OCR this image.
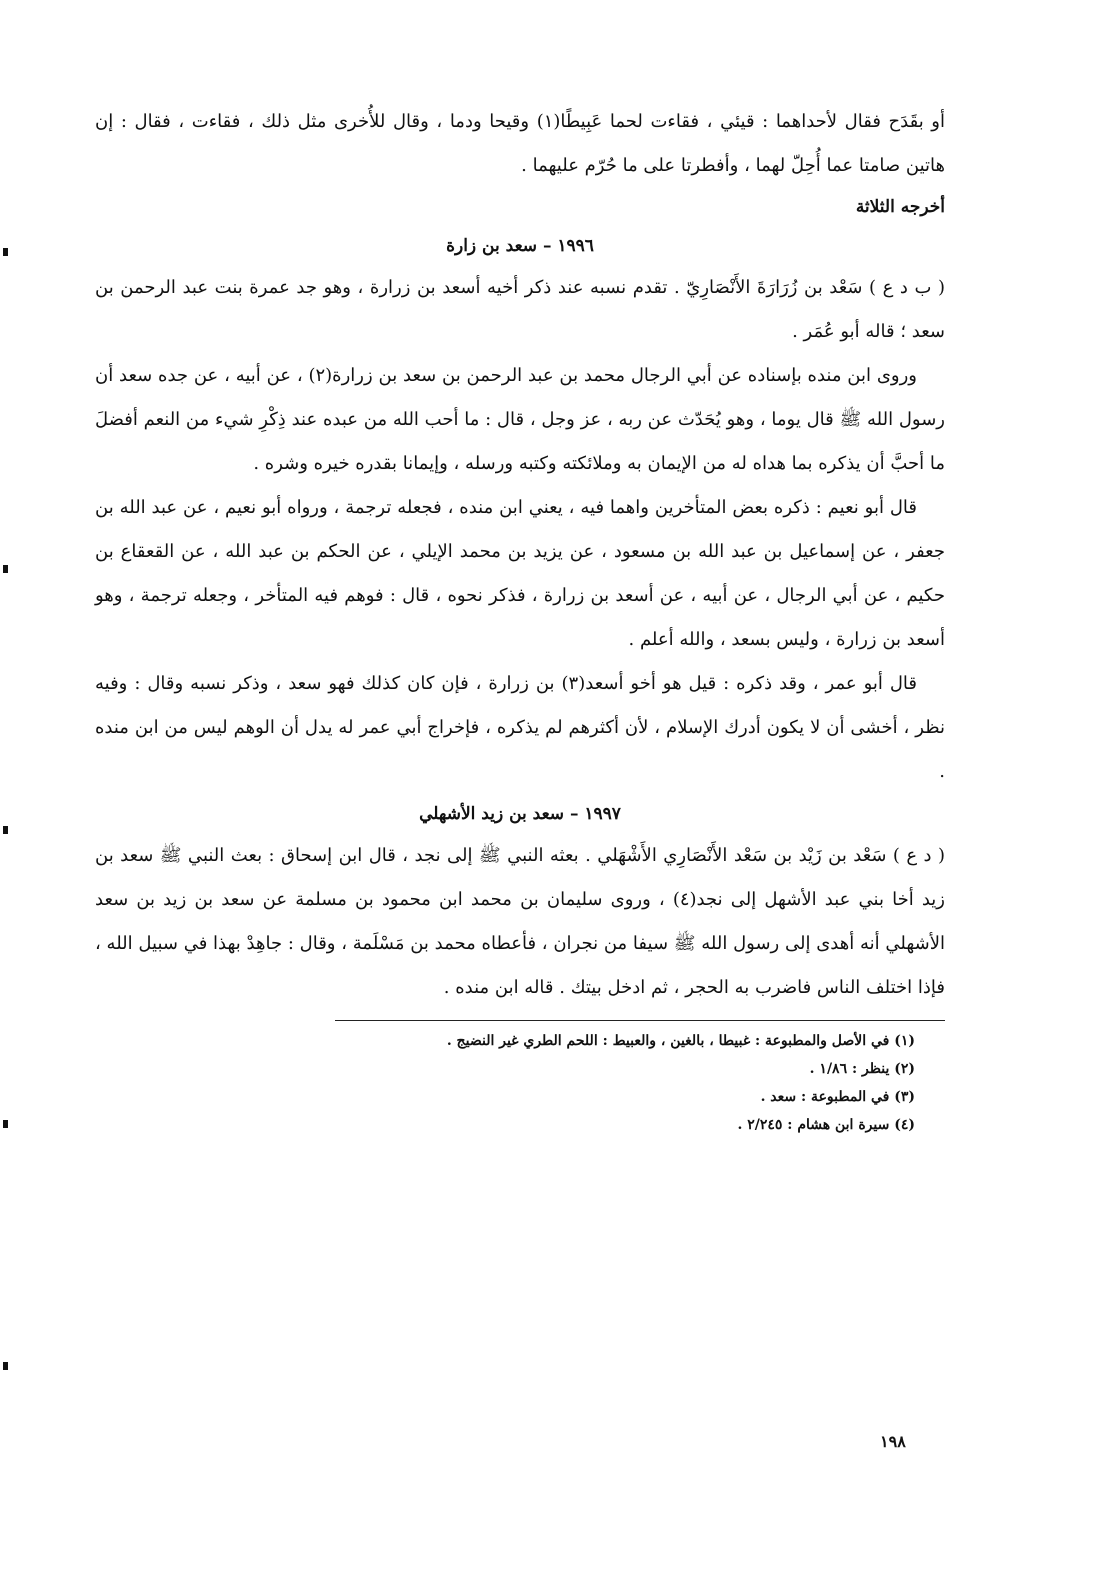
أو بقَدَح فقال لأحداهما : قيئي ، فقاءت لحما عَبِيطًا(١) وقيحا ودما ، وقال للأُخرى مثل ذلك ، فقاءت ، فقال : إن هاتين صامتا عما أُحِلّ لهما ، وأفطرتا على ما حُرّم عليهما .

أخرجه الثلاثة

١٩٩٦ – سعد بن زارة

( ب د ع ) سَعْد بن زُرَارَةَ الأَنْصَارِيّ . تقدم نسبه عند ذكر أخيه أسعد بن زرارة ، وهو جد عمرة بنت عبد الرحمن بن سعد ؛ قاله أبو عُمَر .

وروى ابن منده بإسناده عن أبي الرجال محمد بن عبد الرحمن بن سعد بن زرارة(٢) ، عن أبيه ، عن جده سعد أن رسول الله ﷺ قال يوما ، وهو يُحَدّث عن ربه ، عز وجل ، قال : ما أحب الله من عبده عند ذِكْرِ شيء من النعم أفضلَ ما أحبَّ أن يذكره بما هداه له من الإيمان به وملائكته وكتبه ورسله ، وإيمانا بقدره خيره وشره .

قال أبو نعيم : ذكره بعض المتأخرين واهما فيه ، يعني ابن منده ، فجعله ترجمة ، ورواه أبو نعيم ، عن عبد الله بن جعفر ، عن إسماعيل بن عبد الله بن مسعود ، عن يزيد بن محمد الإيلي ، عن الحكم بن عبد الله ، عن القعقاع بن حكيم ، عن أبي الرجال ، عن أبيه ، عن أسعد بن زرارة ، فذكر نحوه ، قال : فوهم فيه المتأخر ، وجعله ترجمة ، وهو أسعد بن زرارة ، وليس بسعد ، والله أعلم .

قال أبو عمر ، وقد ذكره : قيل هو أخو أسعد(٣) بن زرارة ، فإن كان كذلك فهو سعد ، وذكر نسبه وقال : وفيه نظر ، أخشى أن لا يكون أدرك الإسلام ، لأن أكثرهم لم يذكره ، فإخراج أبي عمر له يدل أن الوهم ليس من ابن منده .

١٩٩٧ – سعد بن زيد الأشهلي

( د ع ) سَعْد بن زَيْد بن سَعْد الأَنْصَارِي الأَشْهَلي . بعثه النبي ﷺ إلى نجد ، قال ابن إسحاق : بعث النبي ﷺ سعد بن زيد أخا بني عبد الأشهل إلى نجد(٤) ، وروى سليمان بن محمد ابن محمود بن مسلمة عن سعد بن زيد بن سعد الأشهلي أنه أهدى إلى رسول الله ﷺ سيفا من نجران ، فأعطاه محمد بن مَسْلَمة ، وقال : جاهِدْ بهذا في سبيل الله ، فإذا اختلف الناس فاضرب به الحجر ، ثم ادخل بيتك . قاله ابن منده .

(١) في الأصل والمطبوعة : غبيطا ، بالغين ، والعبيط : اللحم الطري غير النضيج .

(٢) ينظر : ١/٨٦ .

(٣) في المطبوعة : سعد .

(٤) سيرة ابن هشام : ٢/٢٤٥ .

١٩٨
